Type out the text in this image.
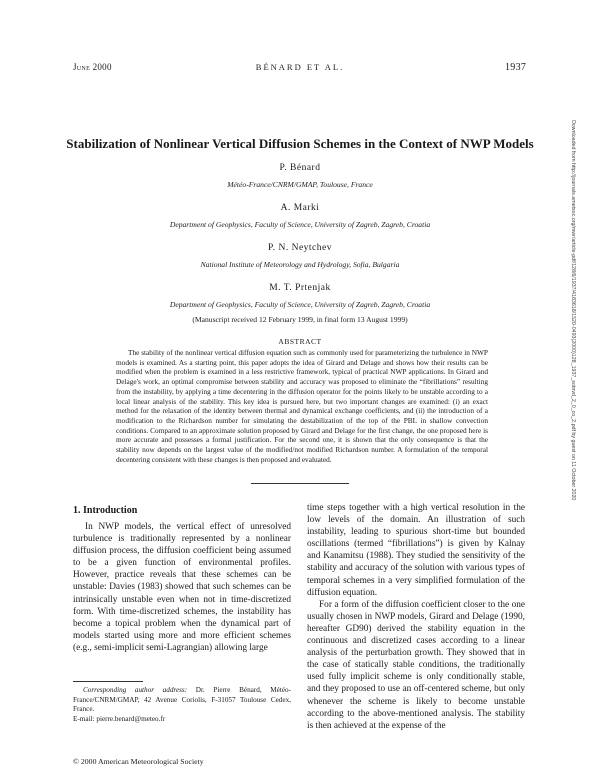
BÉNARD ET AL.
June 2000	1937
Downloaded from http://journals.ametsoc.org/mwr/article-pdf/128/6/1937/4183618/1520-0493(2000)128_1937_sotnvd_2_0_co_2.pdf by guest on 11 October 2020
Stabilization of Nonlinear Vertical Diffusion Schemes in the Context of NWP Models
P. Bénard
Météo-France/CNRM/GMAP, Toulouse, France
A. Marki
Department of Geophysics, Faculty of Science, University of Zagreb, Zagreb, Croatia
P. N. Neytchev
National Institute of Meteorology and Hydrology, Sofia, Bulgaria
M. T. Prtenjak
Department of Geophysics, Faculty of Science, University of Zagreb, Zagreb, Croatia
(Manuscript received 12 February 1999, in final form 13 August 1999)
ABSTRACT

The stability of the nonlinear vertical diffusion equation such as commonly used for parameterizing the turbulence in NWP models is examined. As a starting point, this paper adopts the idea of Girard and Delage and shows how their results can be modified when the problem is examined in a less restrictive framework, typical of practical NWP applications. In Girard and Delage's work, an optimal compromise between stability and accuracy was proposed to eliminate the “fibrillations” resulting from the instability, by applying a time decentering in the diffusion operator for the points likely to be unstable according to a local linear analysis of the stability. This key idea is pursued here, but two important changes are examined: (i) an exact method for the relaxation of the identity between thermal and dynamical exchange coefficients, and (ii) the introduction of a modification to the Richardson number for simulating the destabilization of the top of the PBL in shallow convection conditions. Compared to an approximate solution proposed by Girard and Delage for the first change, the one proposed here is more accurate and possesses a formal justification. For the second one, it is shown that the only consequence is that the stability now depends on the largest value of the modified/not modified Richardson number. A formulation of the temporal decentering consistent with these changes is then proposed and evaluated.

1. Introduction

In NWP models, the vertical effect of unresolved turbulence is traditionally represented by a nonlinear diffusion process, the diffusion coefficient being assumed to be a given function of environmental profiles. However, practice reveals that these schemes can be unstable: Davies (1983) showed that such schemes can be intrinsically unstable even when not in time-discretized form. With time-discretized schemes, the instability has become a topical problem when the dynamical part of models started using more and more efficient schemes (e.g., semi-implicit semi-Lagrangian) allowing large

time steps together with a high vertical resolution in the low levels of the domain. An illustration of such instability, leading to spurious short-time but bounded oscillations (termed “fibrillations”) is given by Kalnay and Kanamitsu (1988). They studied the sensitivity of the stability and accuracy of the solution with various types of temporal schemes in a very simplified formulation of the diffusion equation.

For a form of the diffusion coefficient closer to the one usually chosen in NWP models, Girard and Delage (1990, hereafter GD90) derived the stability equation in the continuous and discretized cases according to a linear analysis of the perturbation growth. They showed that in the case of statically stable conditions, the traditionally used fully implicit scheme is only conditionally stable, and they proposed to use an off-centered scheme, but only whenever the scheme is likely to become unstable according to the above-mentioned analysis. The stability is then achieved at the expense of the

Corresponding author address: Dr. Pierre Bénard, Météo-France/CNRM/GMAP, 42 Avenue Coriolis, F-31057 Toulouse Cedex, France.

E-mail: pierre.benard@meteo.fr

© 2000 American Meteorological Society
